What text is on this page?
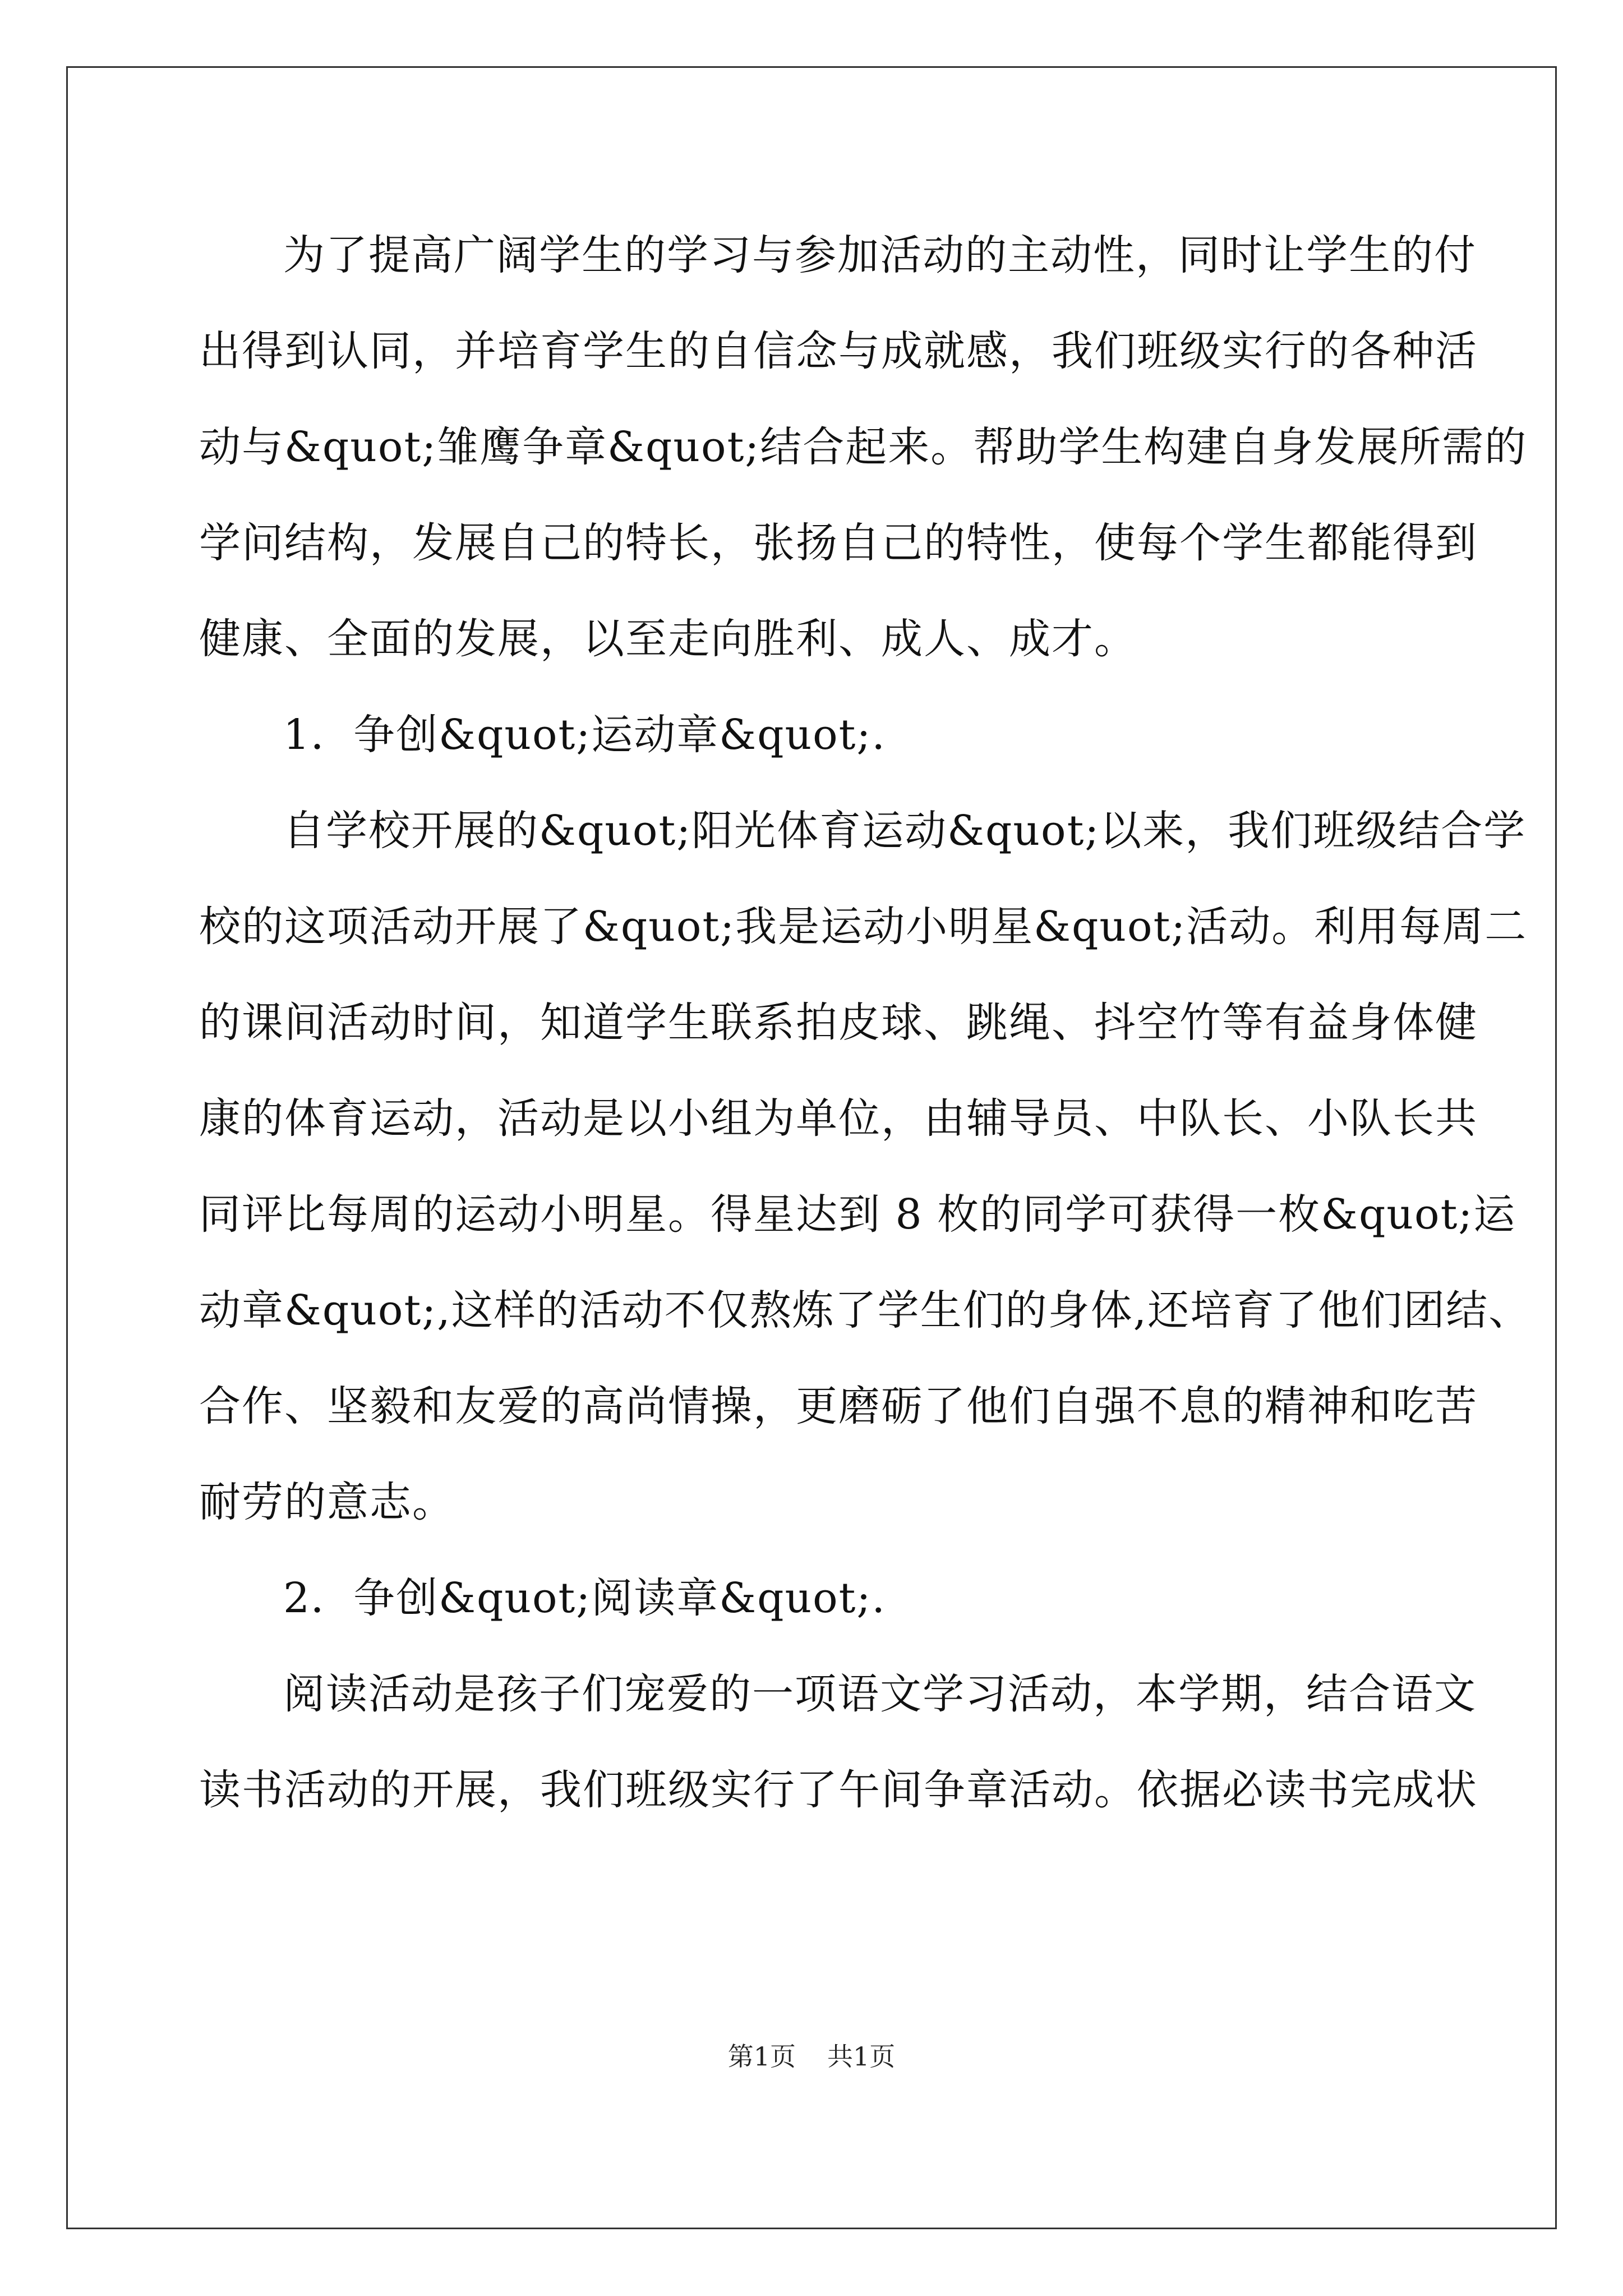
为了提高广阔学生的学习与参加活动的主动性，同时让学生的付
出得到认同，并培育学生的自信念与成就感，我们班级实行的各种活
动与&quot;雏鹰争章&quot;结合起来。帮助学生构建自身发展所需的
学问结构，发展自己的特长，张扬自己的特性，使每个学生都能得到
健康、全面的发展，以至走向胜利、成人、成才。
1．争创&quot;运动章&quot;.
自学校开展的&quot;阳光体育运动&quot;以来，我们班级结合学
校的这项活动开展了&quot;我是运动小明星&quot;活动。利用每周二
的课间活动时间，知道学生联系拍皮球、跳绳、抖空竹等有益身体健
康的体育运动，活动是以小组为单位，由辅导员、中队长、小队长共
同评比每周的运动小明星。得星达到 8 枚的同学可获得一枚&quot;运
动章&quot;,这样的活动不仅熬炼了学生们的身体,还培育了他们团结、
合作、坚毅和友爱的高尚情操，更磨砺了他们自强不息的精神和吃苦
耐劳的意志。
2．争创&quot;阅读章&quot;.
阅读活动是孩子们宠爱的一项语文学习活动，本学期，结合语文
读书活动的开展，我们班级实行了午间争章活动。依据必读书完成状
第1页 共1页
